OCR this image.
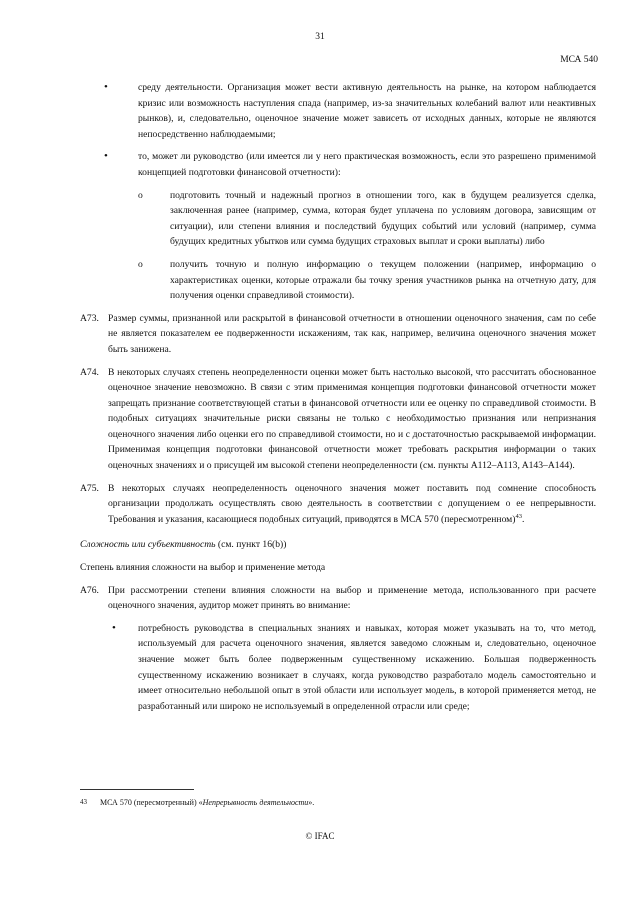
31
МСА 540
•	среду деятельности. Организация может вести активную деятельность на рынке, на котором наблюдается кризис или возможность наступления спада (например, из-за значительных колебаний валют или неактивных рынков), и, следовательно, оценочное значение может зависеть от исходных данных, которые не являются непосредственно наблюдаемыми;

•	то, может ли руководство (или имеется ли у него практическая возможность, если это разрешено применимой концепцией подготовки финансовой отчетности):

o	подготовить точный и надежный прогноз в отношении того, как в будущем реализуется сделка, заключенная ранее (например, сумма, которая будет уплачена по условиям договора, зависящим от ситуации), или степени влияния и последствий будущих событий или условий (например, сумма будущих кредитных убытков или сумма будущих страховых выплат и сроки выплаты) либо

o	получить точную и полную информацию о текущем положении (например, информацию о характеристиках оценки, которые отражали бы точку зрения участников рынка на отчетную дату, для получения оценки справедливой стоимости).

A73. Размер суммы, признанной или раскрытой в финансовой отчетности в отношении оценочного значения, сам по себе не является показателем ее подверженности искажениям, так как, например, величина оценочного значения может быть занижена.

A74. В некоторых случаях степень неопределенности оценки может быть настолько высокой, что рассчитать обоснованное оценочное значение невозможно. В связи с этим применимая концепция подготовки финансовой отчетности может запрещать признание соответствующей статьи в финансовой отчетности или ее оценку по справедливой стоимости. В подобных ситуациях значительные риски связаны не только с необходимостью признания или непризнания оценочного значения либо оценки его по справедливой стоимости, но и с достаточностью раскрываемой информации. Применимая концепция подготовки финансовой отчетности может требовать раскрытия информации о таких оценочных значениях и о присущей им высокой степени неопределенности (см. пункты A112–A113, A143–A144).

A75. В некоторых случаях неопределенность оценочного значения может поставить под сомнение способность организации продолжать осуществлять свою деятельность в соответствии с допущением о ее непрерывности. Требования и указания, касающиеся подобных ситуаций, приводятся в МСА 570 (пересмотренном)$^{43}$.

Сложность или субъективность (см. пункт 16(b))

Степень влияния сложности на выбор и применение метода

A76. При рассмотрении степени влияния сложности на выбор и применение метода, использованного при расчете оценочного значения, аудитор может принять во внимание:

• потребность руководства в специальных знаниях и навыках, которая может указывать на то, что метод, используемый для расчета оценочного значения, является заведомо сложным и, следовательно, оценочное значение может быть более подверженным существенному искажению. Большая подверженность существенному искажению возникает в случаях, когда руководство разработало модель самостоятельно и имеет относительно небольшой опыт в этой области или использует модель, в которой применяется метод, не разработанный или широко не используемый в определенной отрасли или среде;

43 МСА 570 (пересмотренный) «Непрерывность деятельности».
© IFAC
